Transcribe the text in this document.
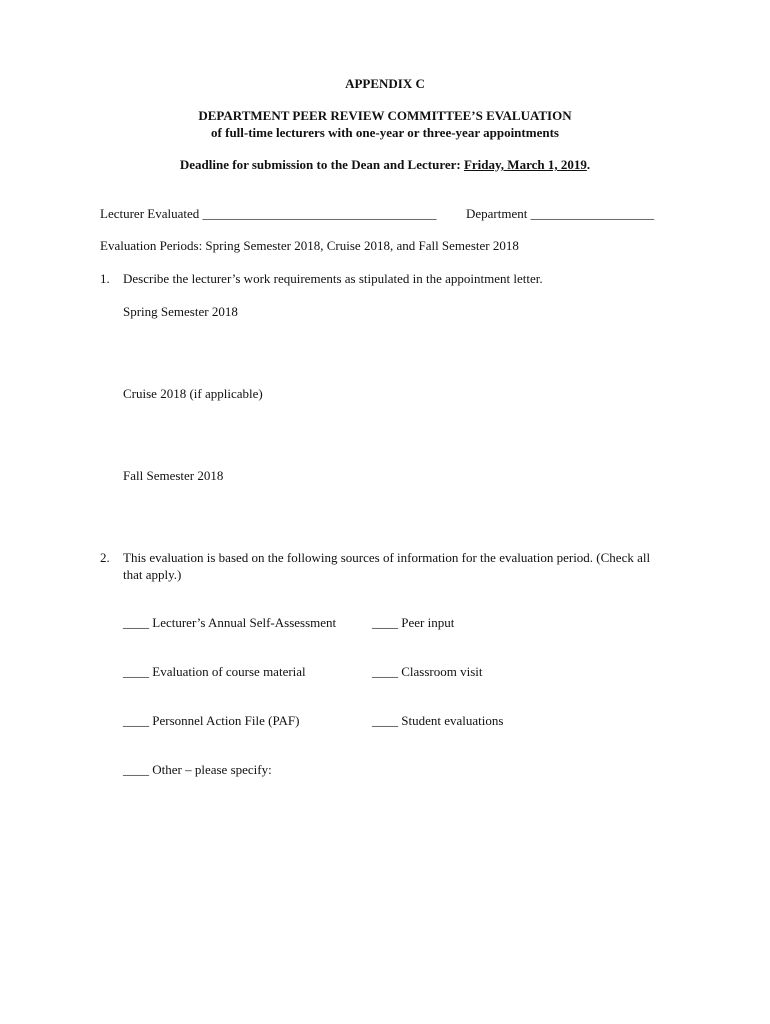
APPENDIX C
DEPARTMENT PEER REVIEW COMMITTEE’S EVALUATION
of full-time lecturers with one-year or three-year appointments
Deadline for submission to the Dean and Lecturer: Friday, March 1, 2019.
Lecturer Evaluated ____________________________________ Department ___________________
Evaluation Periods: Spring Semester 2018, Cruise 2018, and Fall Semester 2018
1. Describe the lecturer’s work requirements as stipulated in the appointment letter.
Spring Semester 2018
Cruise 2018 (if applicable)
Fall Semester 2018
2. This evaluation is based on the following sources of information for the evaluation period. (Check all
that apply.)
____ Lecturer’s Annual Self-Assessment	____ Peer input
____ Evaluation of course material	____ Classroom visit
____ Personnel Action File (PAF)	____ Student evaluations
____ Other – please specify:
